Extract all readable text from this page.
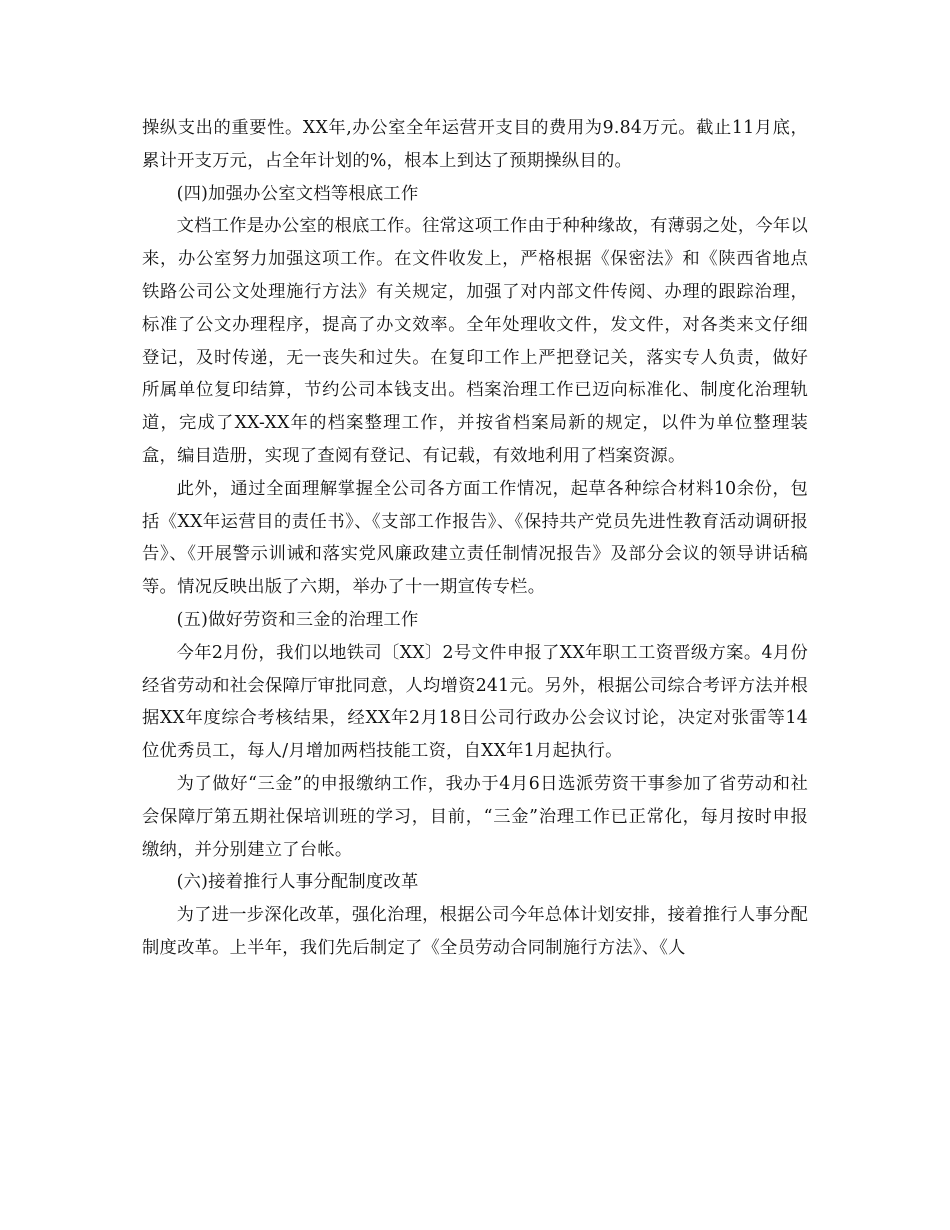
操纵支出的重要性。XX年,办公室全年运营开支目的费用为9.84万元。截止11月底，累计开支万元，占全年计划的%，根本上到达了预期操纵目的。

(四)加强办公室文档等根底工作

文档工作是办公室的根底工作。往常这项工作由于种种缘故，有薄弱之处，今年以来，办公室努力加强这项工作。在文件收发上，严格根据《保密法》和《陕西省地点铁路公司公文处理施行方法》有关规定，加强了对内部文件传阅、办理的跟踪治理，标准了公文办理程序，提高了办文效率。全年处理收文件，发文件，对各类来文仔细登记，及时传递，无一丧失和过失。在复印工作上严把登记关，落实专人负责，做好所属单位复印结算，节约公司本钱支出。档案治理工作已迈向标准化、制度化治理轨道，完成了XX-XX年的档案整理工作，并按省档案局新的规定，以件为单位整理装盒，编目造册，实现了查阅有登记、有记载，有效地利用了档案资源。

此外，通过全面理解掌握全公司各方面工作情况，起草各种综合材料10余份，包括《XX年运营目的责任书》、《支部工作报告》、《保持共产党员先进性教育活动调研报告》、《开展警示训诫和落实党风廉政建立责任制情况报告》及部分会议的领导讲话稿等。情况反映出版了六期，举办了十一期宣传专栏。

(五)做好劳资和三金的治理工作

今年2月份，我们以地铁司〔XX〕2号文件申报了XX年职工工资晋级方案。4月份经省劳动和社会保障厅审批同意，人均增资241元。另外，根据公司综合考评方法并根据XX年度综合考核结果，经XX年2月18日公司行政办公会议讨论，决定对张雷等14位优秀员工，每人/月增加两档技能工资，自XX年1月起执行。

为了做好“三金”的申报缴纳工作，我办于4月6日选派劳资干事参加了省劳动和社会保障厅第五期社保培训班的学习，目前，“三金”治理工作已正常化，每月按时申报缴纳，并分别建立了台帐。

(六)接着推行人事分配制度改革

为了进一步深化改革，强化治理，根据公司今年总体计划安排，接着推行人事分配制度改革。上半年，我们先后制定了《全员劳动合同制施行方法》、《人
